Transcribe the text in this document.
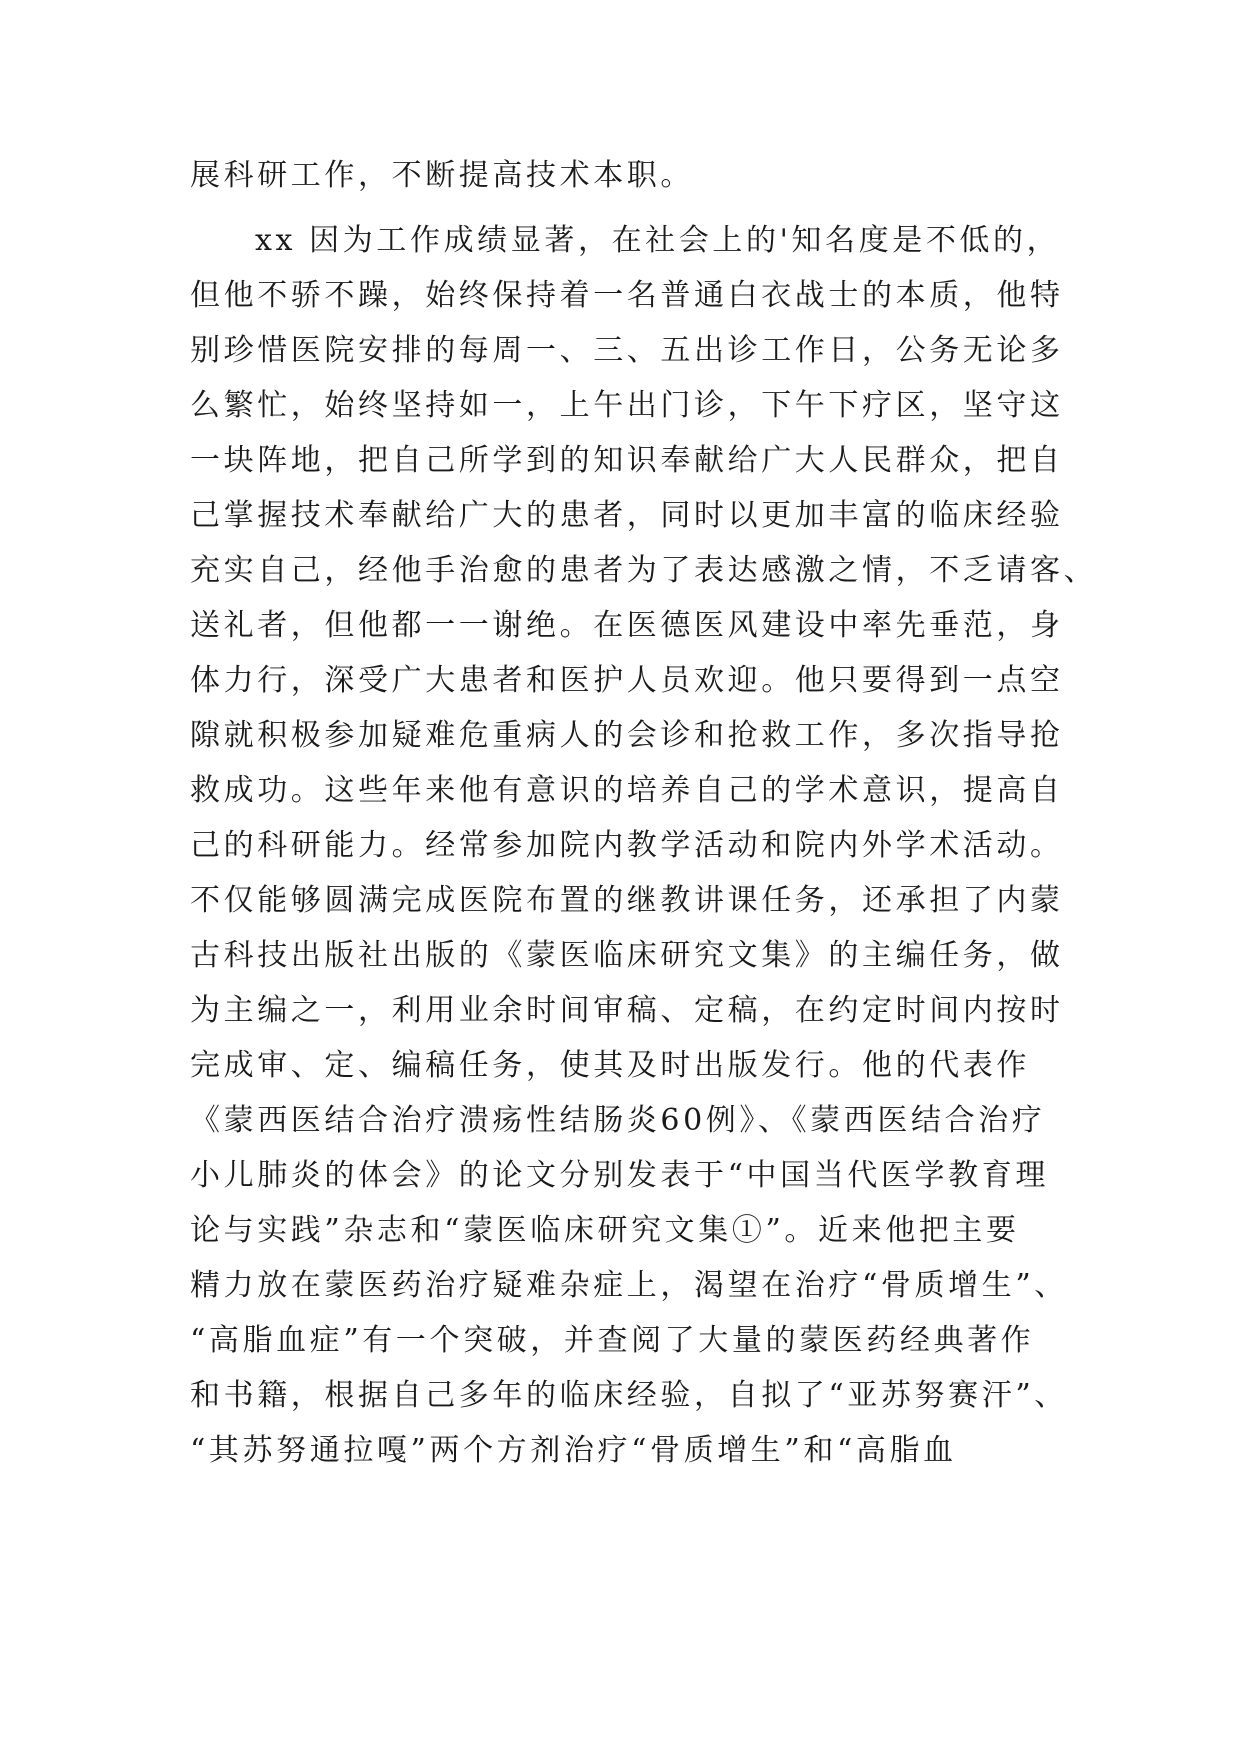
展科研工作，不断提高技术本职。
xx 因为工作成绩显著，在社会上的'知名度是不低的，
但他不骄不躁，始终保持着一名普通白衣战士的本质，他特
别珍惜医院安排的每周一、三、五出诊工作日，公务无论多
么繁忙，始终坚持如一，上午出门诊，下午下疗区，坚守这
一块阵地，把自己所学到的知识奉献给广大人民群众，把自
己掌握技术奉献给广大的患者，同时以更加丰富的临床经验
充实自己，经他手治愈的患者为了表达感激之情，不乏请客、
送礼者，但他都一一谢绝。在医德医风建设中率先垂范，身
体力行，深受广大患者和医护人员欢迎。他只要得到一点空
隙就积极参加疑难危重病人的会诊和抢救工作，多次指导抢
救成功。这些年来他有意识的培养自己的学术意识，提高自
己的科研能力。经常参加院内教学活动和院内外学术活动。
不仅能够圆满完成医院布置的继教讲课任务，还承担了内蒙
古科技出版社出版的《蒙医临床研究文集》的主编任务，做
为主编之一，利用业余时间审稿、定稿，在约定时间内按时
完成审、定、编稿任务，使其及时出版发行。他的代表作
《蒙西医结合治疗溃疡性结肠炎60例》、《蒙西医结合治疗
小儿肺炎的体会》的论文分别发表于“中国当代医学教育理
论与实践”杂志和“蒙医临床研究文集①”。近来他把主要
精力放在蒙医药治疗疑难杂症上，渴望在治疗“骨质增生”、
“高脂血症”有一个突破，并查阅了大量的蒙医药经典著作
和书籍，根据自己多年的临床经验，自拟了“亚苏努赛汗”、
“其苏努通拉嘎”两个方剂治疗“骨质增生”和“高脂血
